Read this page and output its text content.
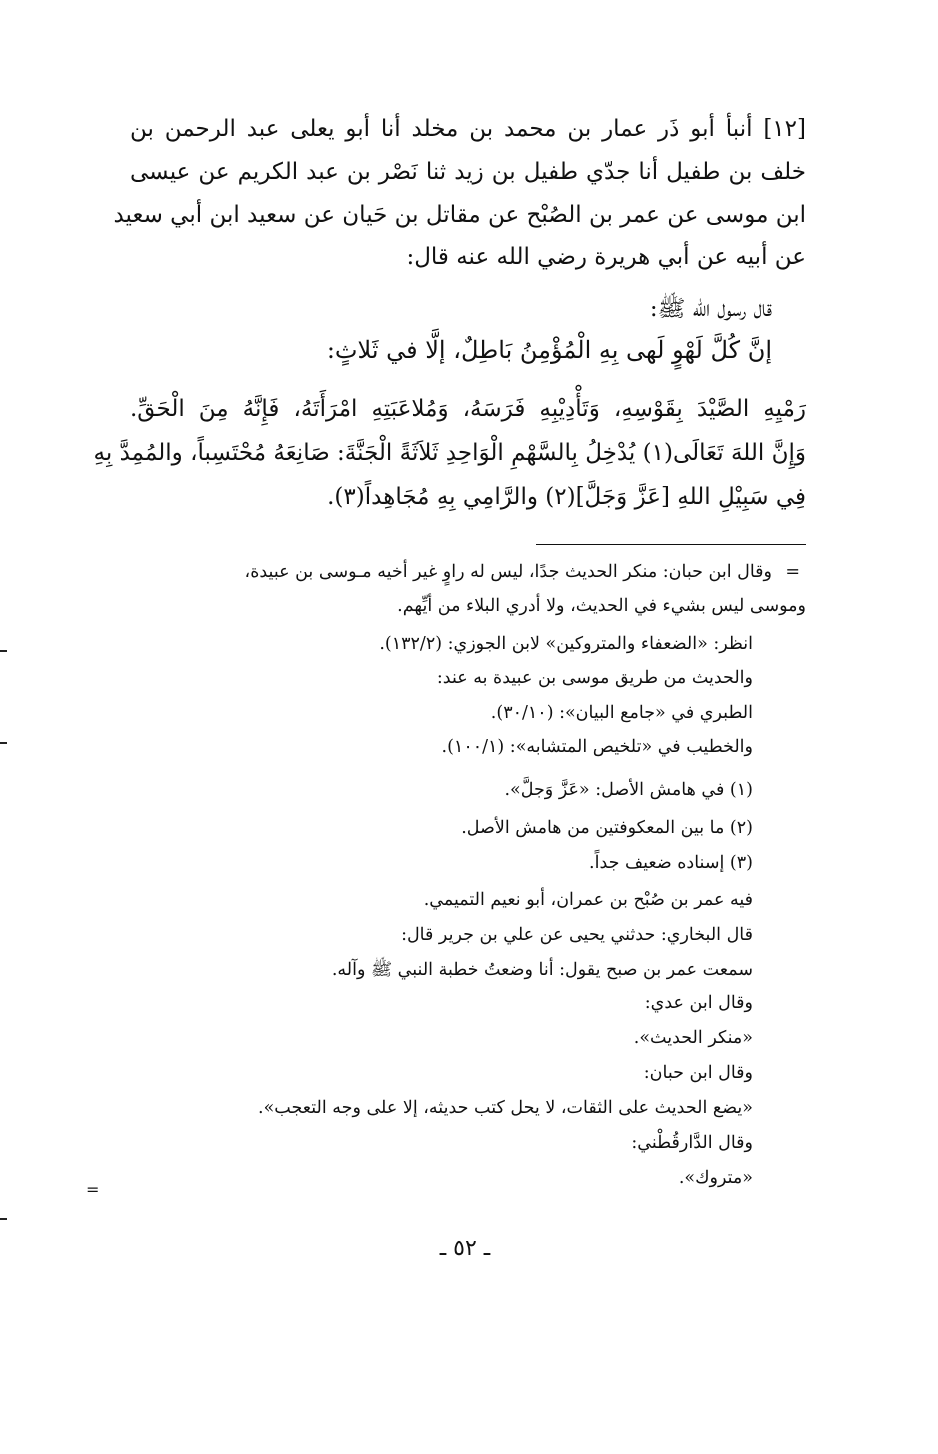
[١٢] أنبأ أبو ذَر عمار بن محمد بن مخلد أنا أبو يعلى عبد الرحمن بن
خلف بن طفيل أنا جدّي طفيل بن زيد ثنا نَصْر بن عبد الكريم عن عيسى
ابن موسى عن عمر بن الصُبْح عن مقاتل بن حَيان عن سعيد ابن أبي سعيد
عن أبيه عن أبي هريرة رضي الله عنه قال:
قال رسول الله ﷺ:
إنَّ كُلَّ لَهْوٍ لَهى بِهِ الْمُؤْمِنُ بَاطِلٌ، إلَّا في ثَلاثٍ:
رَمْيِهِ الصَّيْدَ بِقَوْسِهِ، وَتَأْدِيْبِهِ فَرَسَهُ، وَمُلاعَبَتِهِ امْرَأَتَهُ، فَإِنَّهُ مِنَ الْحَقِّ.
وَإِنَّ اللهَ تَعَالَى(١) يُدْخِلُ بِالسَّهْمِ الْوَاحِدِ ثَلاَثَةً الْجَنَّةَ: صَانِعَهُ مُحْتَسِباً، والمُمِدَّ بِهِ
فِي سَبِيْلِ اللهِ [عَزَّ وَجَلَّ](٢) والرَّامِي بِهِ مُجَاهِداً(٣).
=
وقال ابن حبان: منكر الحديث جدًا، ليس له راوٍ غير أخيه مـوسى بن عبيدة،
وموسى ليس بشيء في الحديث، ولا أدري البلاء من أيِّهم.
انظر: «الضعفاء والمتروكين» لابن الجوزي: (١٣٢/٢).
والحديث من طريق موسى بن عبيدة به عند:
الطبري في «جامع البيان»: (٣٠/١٠).
والخطيب في «تلخيص المتشابه»: (١٠٠/١).
(١) في هامش الأصل: «عَزَّ وَجلَّ».
(٢) ما بين المعكوفتين من هامش الأصل.
(٣) إسناده ضعيف جداً.
فيه عمر بن صُبْح بن عمران، أبو نعيم التميمي.
قال البخاري: حدثني يحيى عن علي بن جرير قال:
سمعت عمر بن صبح يقول: أنا وضعتُ خطبة النبي ﷺ وآله.
وقال ابن عدي:
«منكر الحديث».
وقال ابن حبان:
«يضع الحديث على الثقات، لا يحل كتب حديثه، إلا على وجه التعجب».
وقال الدَّارقُطْني:
«متروك».
=
ـ ٥٢ ـ
